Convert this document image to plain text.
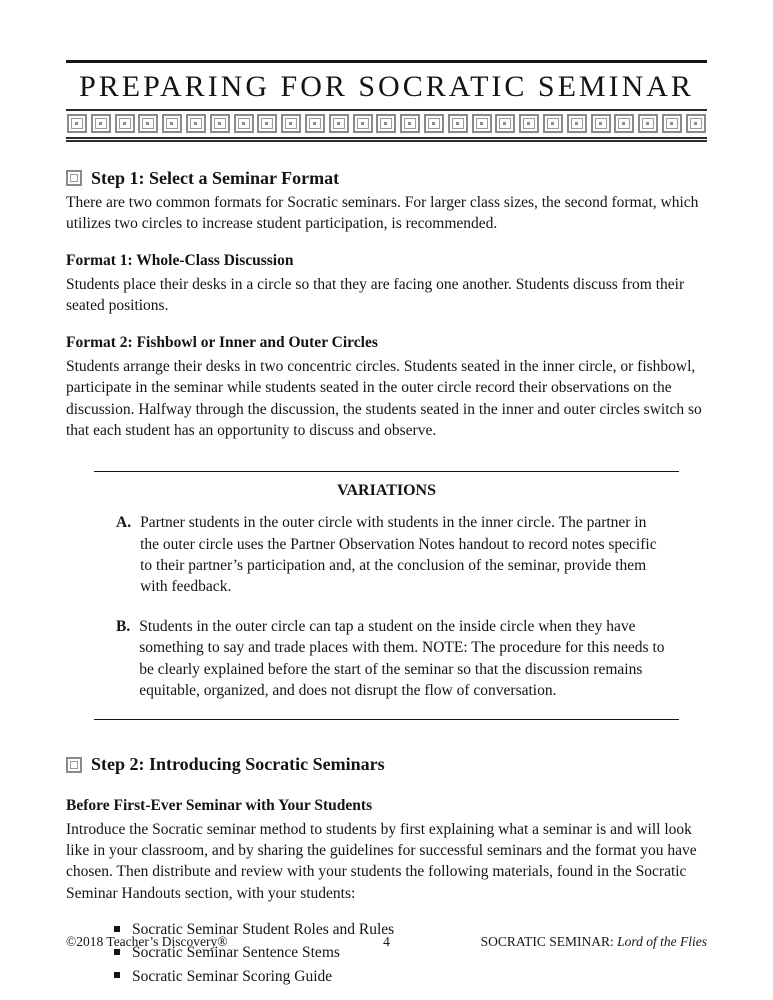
PREPARING FOR SOCRATIC SEMINAR
Step 1: Select a Seminar Format

There are two common formats for Socratic seminars. For larger class sizes, the second format, which utilizes two circles to increase student participation, is recommended.

Format 1: Whole-Class Discussion

Students place their desks in a circle so that they are facing one another. Students discuss from their seated positions.

Format 2: Fishbowl or Inner and Outer Circles

Students arrange their desks in two concentric circles. Students seated in the inner circle, or fishbowl, participate in the seminar while students seated in the outer circle record their observations on the discussion. Halfway through the discussion, the students seated in the inner and outer circles switch so that each student has an opportunity to discuss and observe.

VARIATIONS
A. Partner students in the outer circle with students in the inner circle. The partner in the outer circle uses the Partner Observation Notes handout to record notes specific to their partner’s participation and, at the conclusion of the seminar, provide them with feedback.
B. Students in the outer circle can tap a student on the inside circle when they have something to say and trade places with them. NOTE: The procedure for this needs to be clearly explained before the start of the seminar so that the discussion remains equitable, organized, and does not disrupt the flow of conversation.
Step 2: Introducing Socratic Seminars

Before First-Ever Seminar with Your Students

Introduce the Socratic seminar method to students by first explaining what a seminar is and will look like in your classroom, and by sharing the guidelines for successful seminars and the format you have chosen. Then distribute and review with your students the following materials, found in the Socratic Seminar Handouts section, with your students:

Socratic Seminar Student Roles and Rules
Socratic Seminar Sentence Stems
Socratic Seminar Scoring Guide
©2018 Teacher’s Discovery®	4	SOCRATIC SEMINAR: Lord of the Flies
